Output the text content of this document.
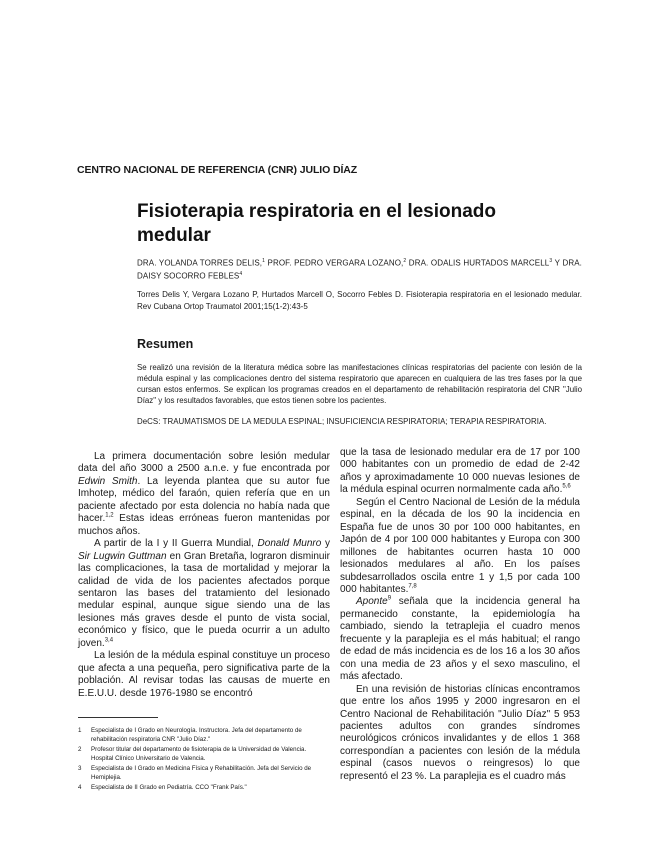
CENTRO NACIONAL DE REFERENCIA (CNR) JULIO DÍAZ
Fisioterapia respiratoria en el lesionado
medular
DRA. YOLANDA TORRES DELIS,$^1$ PROF. PEDRO VERGARA LOZANO,$^2$ DRA. ODALIS HURTADOS MARCELL$^3$ Y DRA. DAISY SOCORRO FEBLES$^4$
Torres Delis Y, Vergara Lozano P, Hurtados Marcell O, Socorro Febles D. Fisioterapia respiratoria en el lesionado medular. Rev Cubana Ortop Traumatol 2001;15(1-2):43-5
Resumen
Se realizó una revisión de la literatura médica sobre las manifestaciones clínicas respiratorias del paciente con lesión de la médula espinal y las complicaciones dentro del sistema respiratorio que aparecen en cualquiera de las tres fases por la que cursan estos enfermos. Se explican los programas creados en el departamento de rehabilitación respiratoria del CNR "Julio Díaz" y los resultados favorables, que estos tienen sobre los pacientes.
DeCS: TRAUMATISMOS DE LA MEDULA ESPINAL; INSUFICIENCIA RESPIRATORIA; TERAPIA RESPIRATORIA.

La primera documentación sobre lesión medular data del año 3000 a 2500 a.n.e. y fue encontrada por Edwin Smith. La leyenda plantea que su autor fue Imhotep, médico del faraón, quien refería que en un paciente afectado por esta dolencia no había nada que hacer.$^{1,2}$ Estas ideas erróneas fueron mantenidas por muchos años.

A partir de la I y II Guerra Mundial, Donald Munro y Sir Lugwin Guttman en Gran Bretaña, lograron disminuir las complicaciones, la tasa de mortalidad y mejorar la calidad de vida de los pacientes afectados porque sentaron las bases del tratamiento del lesionado medular espinal, aunque sigue siendo una de las lesiones más graves desde el punto de vista social, económico y físico, que le pueda ocurrir a un adulto joven.$^{3,4}$

La lesión de la médula espinal constituye un proceso que afecta a una pequeña, pero significativa parte de la población. Al revisar todas las causas de muerte en E.E.U.U. desde 1976-1980 se encontró

1 Especialista de I Grado en Neurología. Instructora. Jefa del departamento de rehabilitación respiratoria CNR "Julio Díaz."
2 Profesor titular del departamento de fisioterapia de la Universidad de Valencia. Hospital Clínico Universitario de Valencia.
3 Especialista de I Grado en Medicina Física y Rehabilitación. Jefa del Servicio de Hemiplejia.
4 Especialista de II Grado en Pediatría. CCO "Frank País."

que la tasa de lesionado medular era de 17 por 100 000 habitantes con un promedio de edad de 2-42 años y aproximadamente 10 000 nuevas lesiones de la médula espinal ocurren normalmente cada año.$^{5,6}$

Según el Centro Nacional de Lesión de la médula espinal, en la década de los 90 la incidencia en España fue de unos 30 por 100 000 habitantes, en Japón de 4 por 100 000 habitantes y Europa con 300 millones de habitantes ocurren hasta 10 000 lesionados medulares al año. En los países subdesarrollados oscila entre 1 y 1,5 por cada 100 000 habitantes.$^{7,8}$

Aponte$^9$ señala que la incidencia general ha permanecido constante, la epidemiología ha cambiado, siendo la tetraplejia el cuadro menos frecuente y la paraplejia es el más habitual; el rango de edad de más incidencia es de los 16 a los 30 años con una media de 23 años y el sexo masculino, el más afectado.

En una revisión de historias clínicas encontramos que entre los años 1995 y 2000 ingresaron en el Centro Nacional de Rehabilitación "Julio Díaz" 5 953 pacientes adultos con grandes síndromes neurológicos crónicos invalidantes y de ellos 1 368 correspondían a pacientes con lesión de la médula espinal (casos nuevos o reingresos) lo que representó el 23 %. La paraplejia es el cuadro más
